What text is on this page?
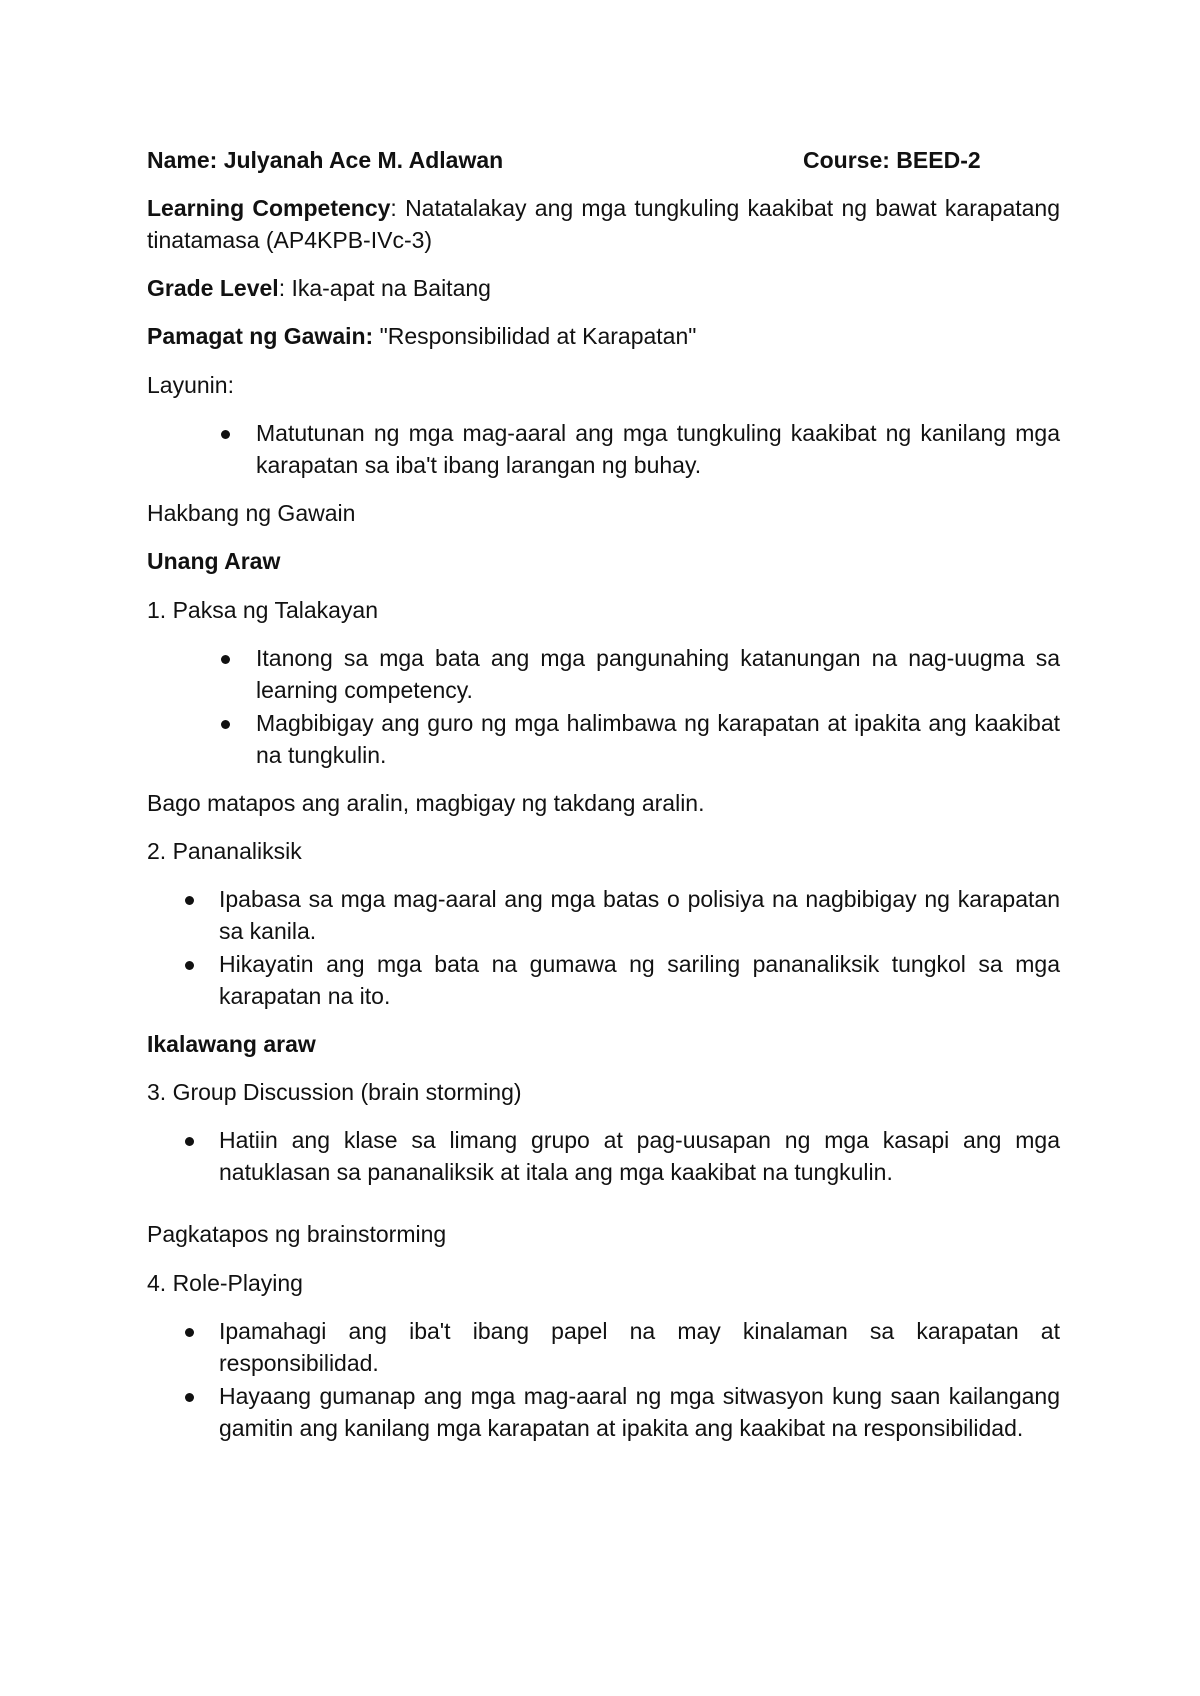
Name: Julyanah Ace M. Adlawan	Course: BEED-2
Learning Competency: Natatalakay ang mga tungkuling kaakibat ng bawat karapatang tinatamasa (AP4KPB-IVc-3)
Grade Level: Ika-apat na Baitang
Pamagat ng Gawain: "Responsibilidad at Karapatan"
Layunin:
Matutunan ng mga mag-aaral ang mga tungkuling kaakibat ng kanilang mga karapatan sa iba't ibang larangan ng buhay.
Hakbang ng Gawain
Unang Araw
1. Paksa ng Talakayan
Itanong sa mga bata ang mga pangunahing katanungan na nag-uugma sa learning competency.
Magbibigay ang guro ng mga halimbawa ng karapatan at ipakita ang kaakibat na tungkulin.
Bago matapos ang aralin, magbigay ng takdang aralin.
2. Pananaliksik
Ipabasa sa mga mag-aaral ang mga batas o polisiya na nagbibigay ng karapatan sa kanila.
Hikayatin ang mga bata na gumawa ng sariling pananaliksik tungkol sa mga karapatan na ito.
Ikalawang araw
3. Group Discussion (brain storming)
Hatiin ang klase sa limang grupo at pag-uusapan ng mga kasapi ang mga natuklasan sa pananaliksik at itala ang mga kaakibat na tungkulin.
Pagkatapos ng brainstorming
4. Role-Playing
Ipamahagi ang iba't ibang papel na may kinalaman sa karapatan at responsibilidad.
Hayaang gumanap ang mga mag-aaral ng mga sitwasyon kung saan kailangang gamitin ang kanilang mga karapatan at ipakita ang kaakibat na responsibilidad.
